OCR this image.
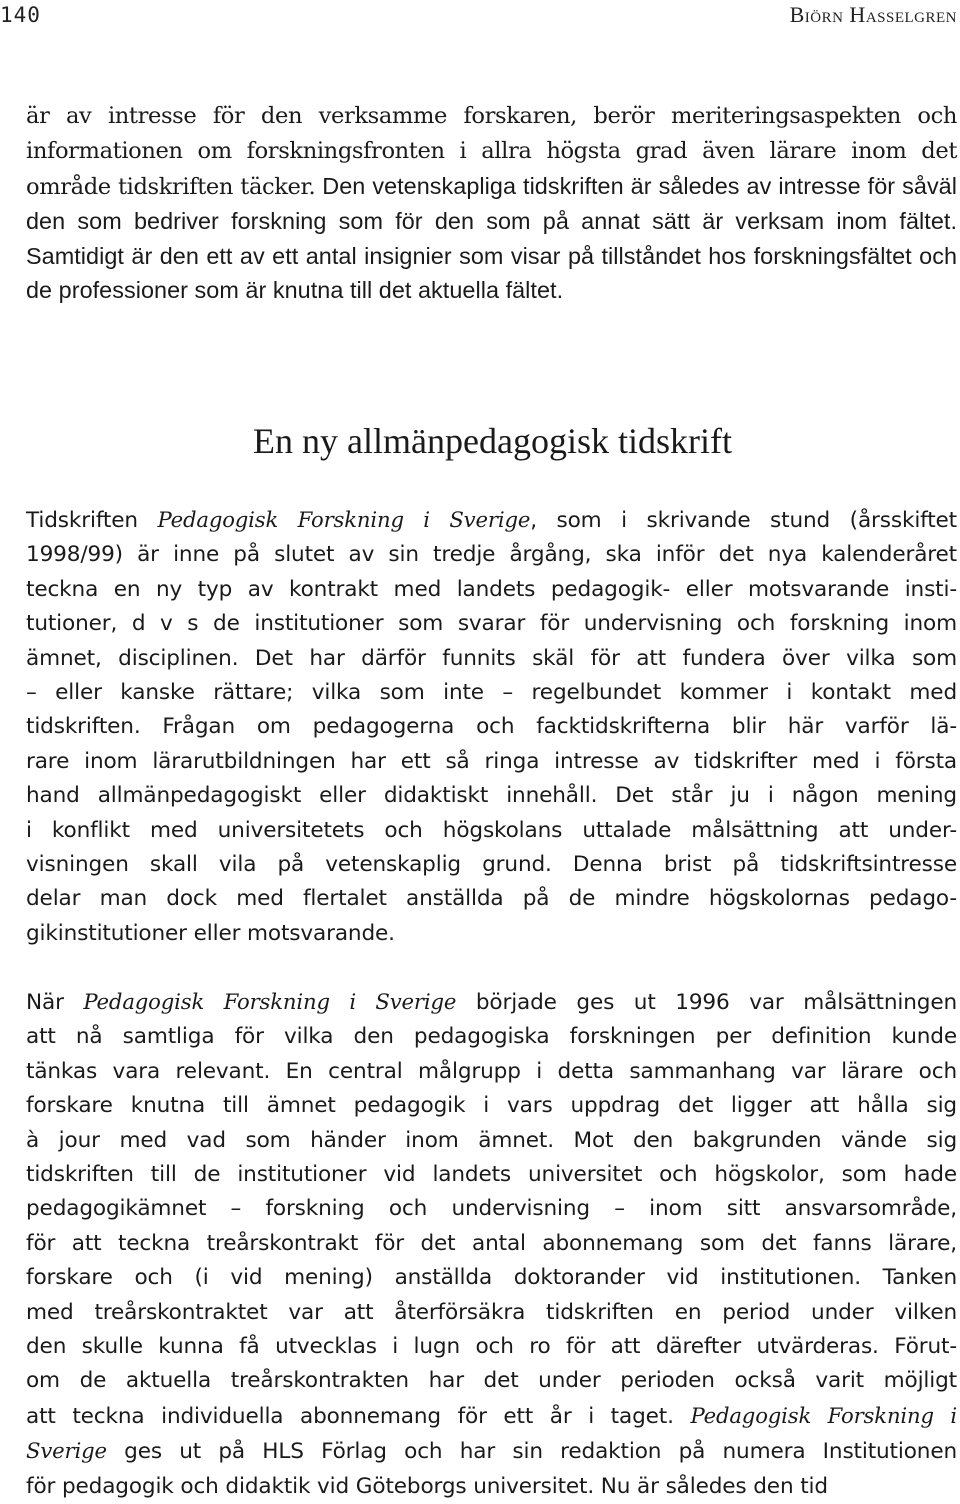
140	Biörn Hasselgren

är av intresse för den verksamme forskaren, berör meriteringsaspekten och informationen om forskningsfronten i allra högsta grad även lärare inom det område tidskriften täcker. Den vetenskapliga tidskriften är således av intresse för såväl den som bedriver forskning som för den som på annat sätt är verksam inom fältet. Samtidigt är den ett av ett antal insignier som visar på tillståndet hos forskningsfältet och de professioner som är knutna till det aktuella fältet.

En ny allmänpedagogisk tidskrift

Tidskriften Pedagogisk Forskning i Sverige, som i skrivande stund (årsskiftet
1998/99) är inne på slutet av sin tredje årgång, ska inför det nya kalenderåret
teckna en ny typ av kontrakt med landets pedagogik- eller motsvarande insti-
tutioner, d v s de institutioner som svarar för undervisning och forskning inom
ämnet, disciplinen. Det har därför funnits skäl för att fundera över vilka som
– eller kanske rättare; vilka som inte – regelbundet kommer i kontakt med
tidskriften. Frågan om pedagogerna och facktidskrifterna blir här varför lä-
rare inom lärarutbildningen har ett så ringa intresse av tidskrifter med i första
hand allmänpedagogiskt eller didaktiskt innehåll. Det står ju i någon mening
i konflikt med universitetets och högskolans uttalade målsättning att under-
visningen skall vila på vetenskaplig grund. Denna brist på tidskriftsintresse
delar man dock med flertalet anställda på de mindre högskolornas pedago-
gikinstitutioner eller motsvarande.

När Pedagogisk Forskning i Sverige började ges ut 1996 var målsättningen
att nå samtliga för vilka den pedagogiska forskningen per definition kunde
tänkas vara relevant. En central målgrupp i detta sammanhang var lärare och
forskare knutna till ämnet pedagogik i vars uppdrag det ligger att hålla sig
à jour med vad som händer inom ämnet. Mot den bakgrunden vände sig
tidskriften till de institutioner vid landets universitet och högskolor, som hade
pedagogikämnet – forskning och undervisning – inom sitt ansvarsområde,
för att teckna treårskontrakt för det antal abonnemang som det fanns lärare,
forskare och (i vid mening) anställda doktorander vid institutionen. Tanken
med treårskontraktet var att återförsäkra tidskriften en period under vilken
den skulle kunna få utvecklas i lugn och ro för att därefter utvärderas. Förut-
om de aktuella treårskontrakten har det under perioden också varit möjligt
att teckna individuella abonnemang för ett år i taget. Pedagogisk Forskning i
Sverige ges ut på HLS Förlag och har sin redaktion på numera Institutionen
för pedagogik och didaktik vid Göteborgs universitet. Nu är således den tid
